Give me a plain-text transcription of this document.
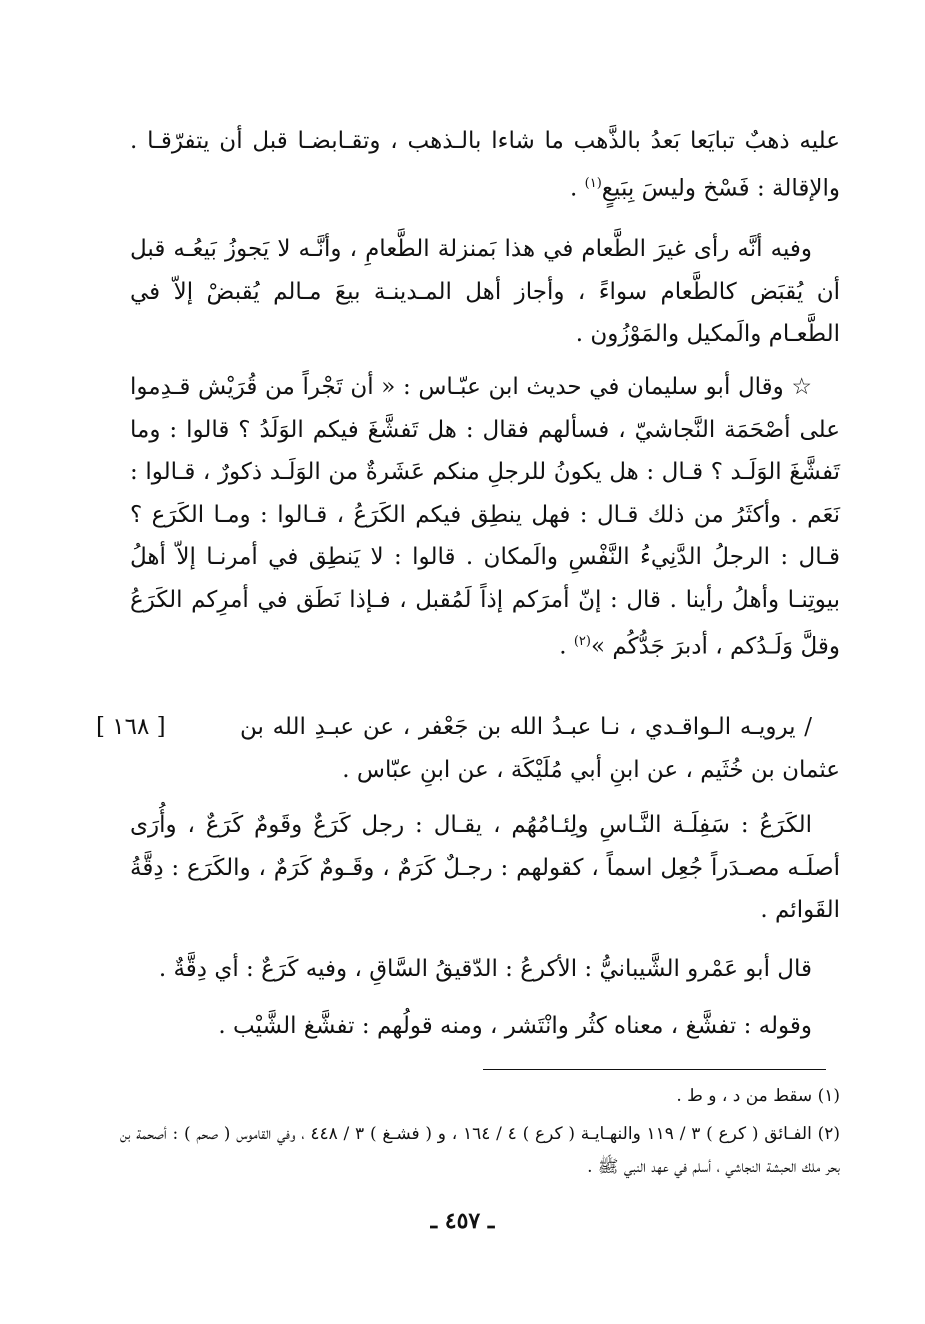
عليه ذهبٌ تبايَعا بَعدُ بالذَّهب ما شاءا بالـذهب ، وتقـابضـا قبل أن يتفرّقـا . والإقالة : فَسْخ وليسَ بِبَيعٍ$^{(١)}$ .
وفيه أنَّه رأى غيرَ الطَّعام في هذا بَمنزلة الطَّعامِ ، وأنَّـه لا يَجوزُ بَيعُـه قبل أن يُقبَض كالطَّعام سواءً ، وأجاز أهل المـدينـة بيعَ مـالم يُقبضْ إلاّ في الطَّعـام والَمكيل والمَوْزُون .
☆ وقال أبو سليمان في حديث ابن عبّـاس : « أن تَجْراً من قُرَيْش قـدِموا على أصْحَمَة النَّجاشيّ ، فسألهم فقال : هل تَفشَّغَ فيكم الوَلَدُ ؟ قالوا : وما تَفشَّغَ الوَلَـد ؟ قـال : هل يكونُ للرجلِ منكم عَشَرةٌ من الوَلَـد ذكورٌ ، قـالوا : نَعَم . وأكثَرُ من ذلك قـال : فهل ينطِق فيكم الكَرَعُ ، قـالوا : ومـا الكَرَع ؟ قـال : الرجلُ الدَّنِيءُ النَّفْسِ والَمكان . قالوا : لا يَنطِق في أمرنـا إلاّ أهلُ بيوتِنـا وأهلُ رأينا . قال : إنّ أمرَكم إذاً لَمُقبل ، فـإذا نَطَق في أمرِكم الكَرَعُ وقلَّ وَلَـدُكم ، أدبرَ جَدُّكُم »$^{(٢)}$ .
[ ١٦٨ ]	/ يرويـه الـواقـدي ، نـا عبـدُ الله بن جَعْفر ، عن عبـدِ الله بن عثمان بن خُثَيم ، عن ابنِ أبي مُلَيْكَة ، عن ابنِ عبّاس .
الكَرَعُ : سَفِلَـة النَّـاسِ ولِئـامُهُم ، يقـال : رجل كَرَعٌ وقَومٌ كَرَعٌ ، وأُرَى أصلَـه مصـدَراً جُعِل اسماً ، كقولهم : رجـلٌ كَرَمٌ ، وقَـومٌ كَرَمٌ ، والكَرَع : دِقَّةُ القَوائم .
قال أبو عَمْرو الشَّيبانيُّ : الأكرعُ : الدّقيقُ السَّاقِ ، وفيه كَرَعٌ : أي دِقَّةٌ .
وقوله : تفشَّغ ، معناه كثُر وانْتَشر ، ومنه قولُهم : تفشَّغ الشَّيْب .
(١) سقط من د ، و ط .
(٢) الفـائق ( كرع ) ٣ / ١١٩ والنهـايـة ( كرع ) ٤ / ١٦٤ ، و ( فشـغ ) ٣ / ٤٤٨ ، وفي القاموس ( صحم ) : أصحمة بن بحر ملك الحبشة النجاشي ، أسلم في عهد النبي ﷺ .
ـ ٤٥٧ ـ
